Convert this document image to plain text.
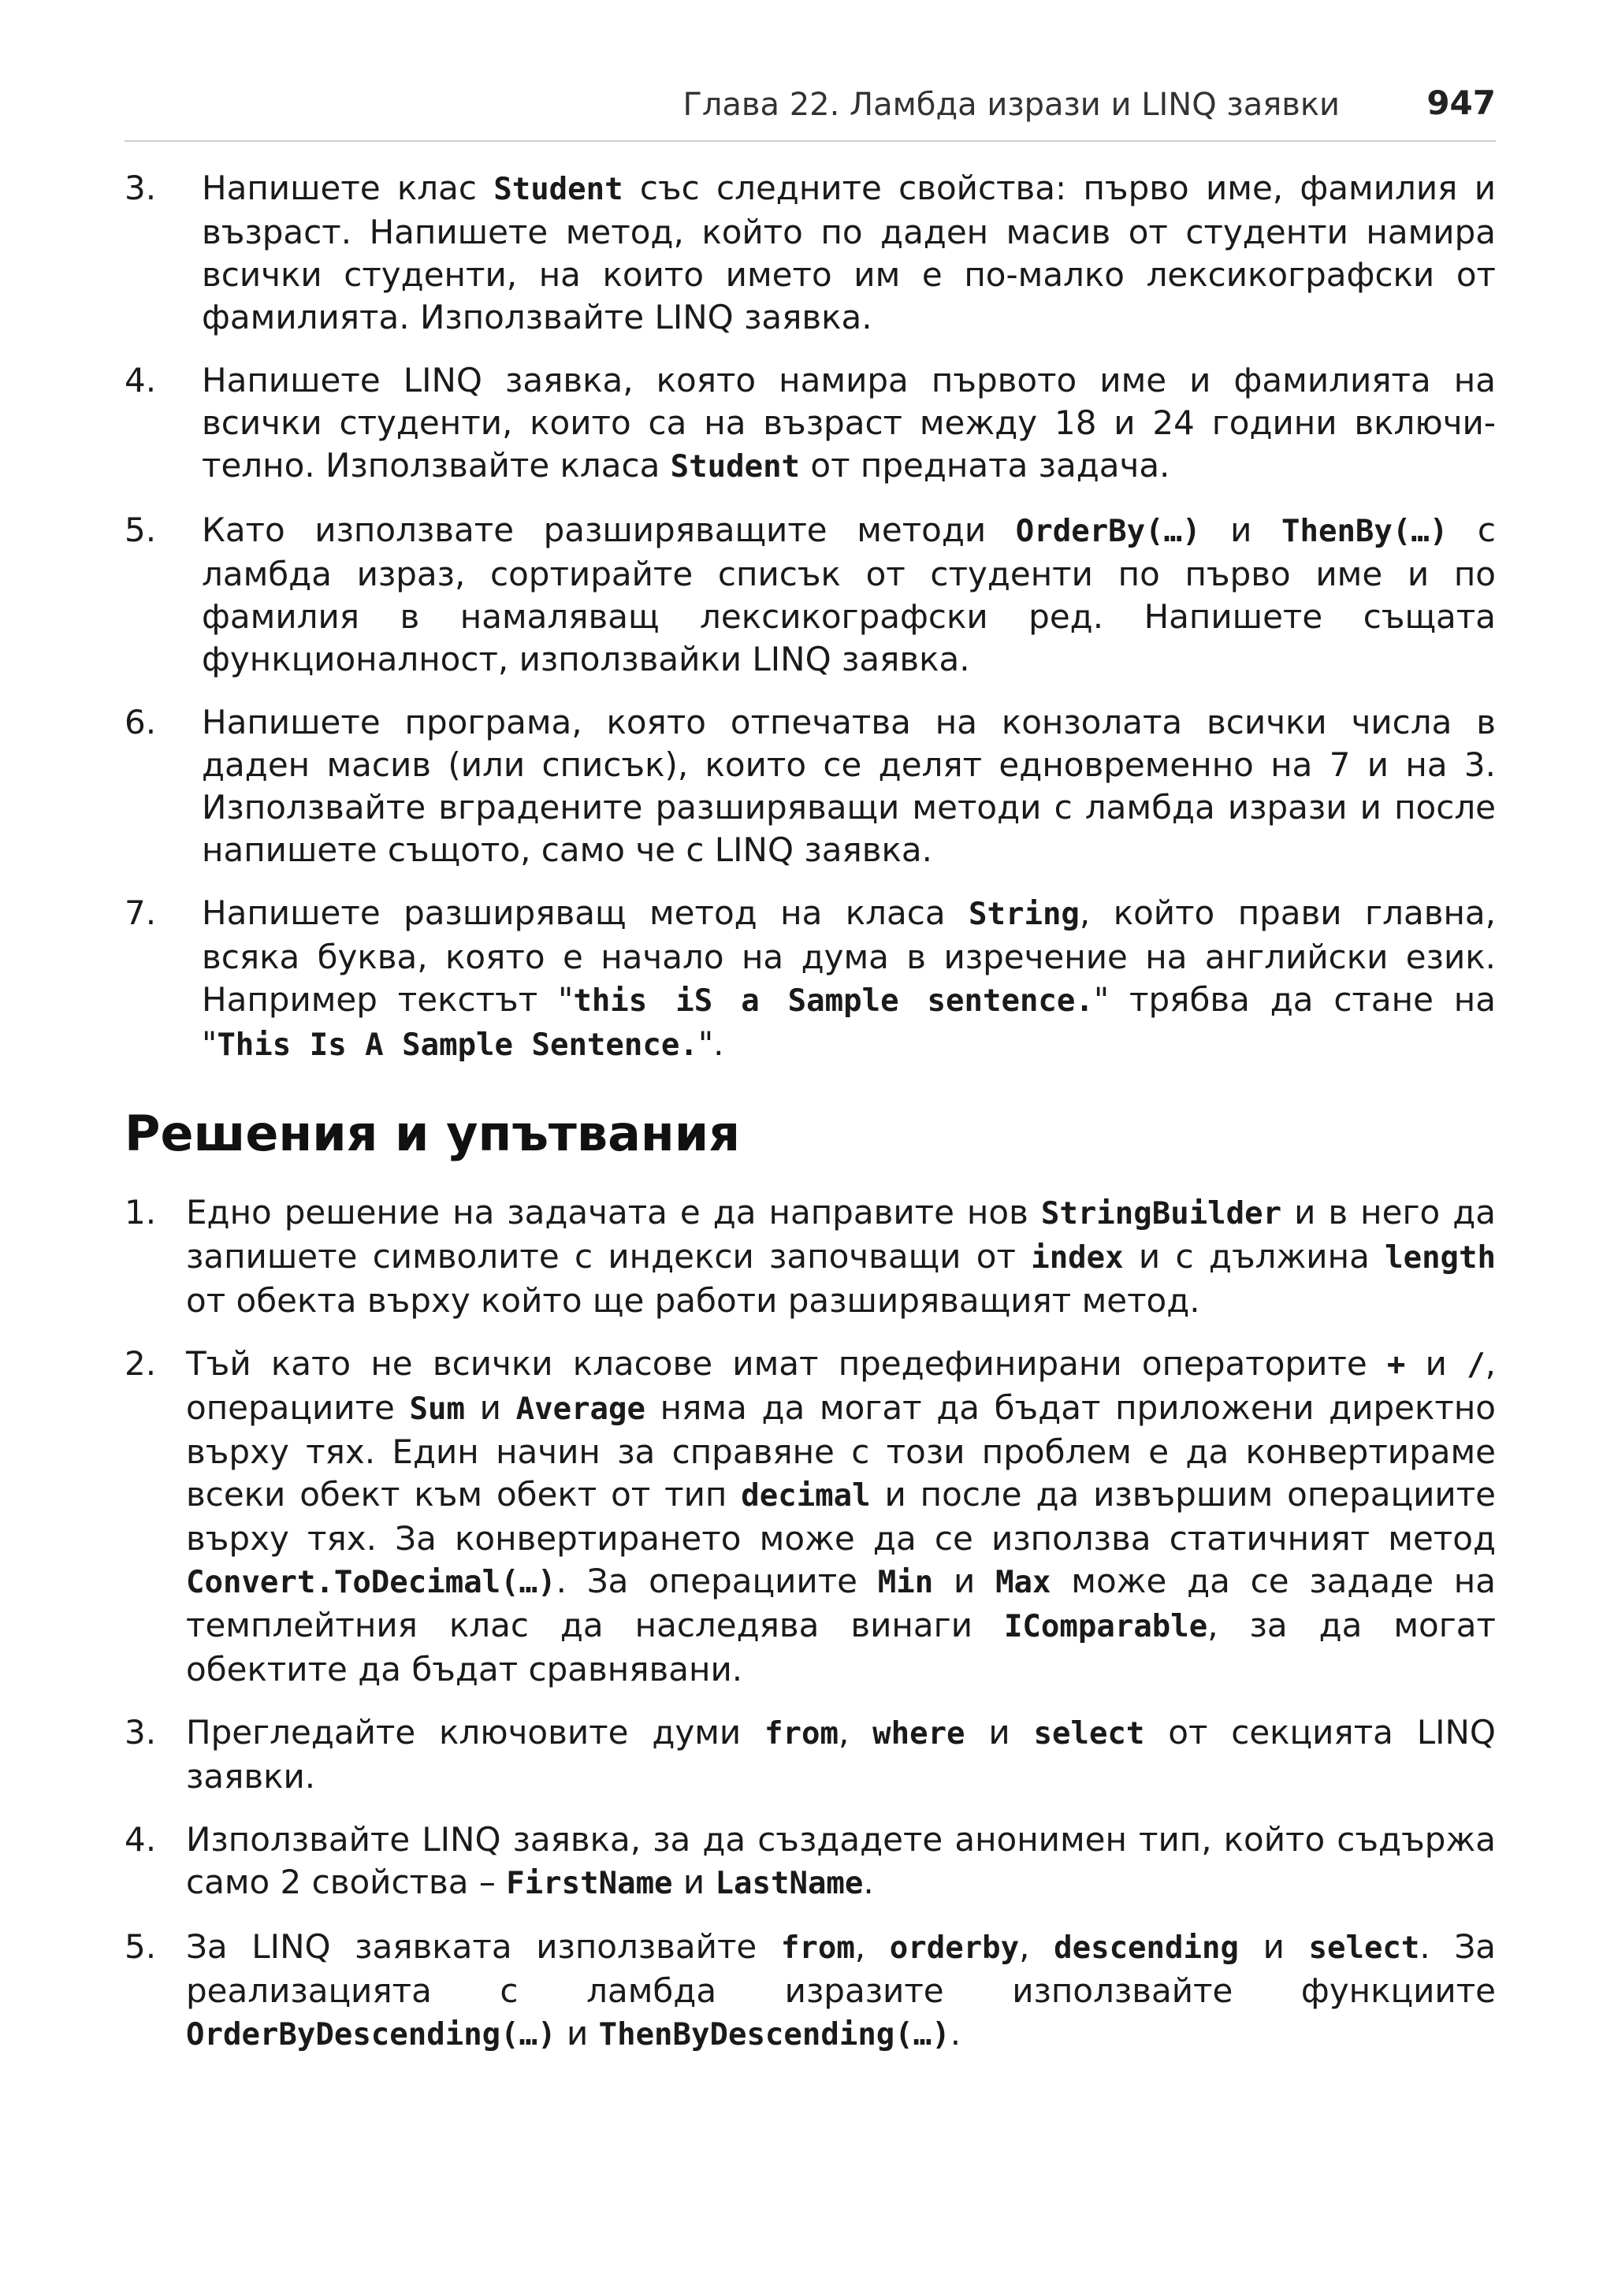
Глава 22. Ламбда изрази и LINQ заявки	947
3. Напишете клас Student със следните свойства: първо име, фамилия и възраст. Напишете метод, който по даден масив от студенти намира всички студенти, на които името им е по-малко лексикографски от фамилията. Използвайте LINQ заявка.
4. Напишете LINQ заявка, която намира първото име и фамилията на всички студенти, които са на възраст между 18 и 24 години включително. Използвайте класа Student от предната задача.
5. Като използвате разширяващите методи OrderBy(…) и ThenBy(…) с ламбда израз, сортирайте списък от студенти по първо име и по фамилия в намаляващ лексикографски ред. Напишете същата функционалност, използвайки LINQ заявка.
6. Напишете програма, която отпечатва на конзолата всички числа в даден масив (или списък), които се делят едновременно на 7 и на 3. Използвайте вградените разширяващи методи с ламбда изрази и после напишете същото, само че с LINQ заявка.
7. Напишете разширяващ метод на класа String, който прави главна, всяка буква, която е начало на дума в изречение на английски език. Например текстът "this iS a Sample sentence." трябва да стане на "This Is A Sample Sentence.".
Решения и упътвания
1. Едно решение на задачата е да направите нов StringBuilder и в него да запишете символите с индекси започващи от index и с дължина length от обекта върху който ще работи разширяващият метод.
2. Тъй като не всички класове имат предефинирани операторите + и /, операциите Sum и Average няма да могат да бъдат приложени директно върху тях. Един начин за справяне с този проблем е да конвертираме всеки обект към обект от тип decimal и после да извършим операциите върху тях. За конвертирането може да се използва статичният метод Convert.ToDecimal(…). За операциите Min и Max може да се зададе на темплейтния клас да наследява винаги IComparable, за да могат обектите да бъдат сравнявани.
3. Прегледайте ключовите думи from, where и select от секцията LINQ заявки.
4. Използвайте LINQ заявка, за да създадете анонимен тип, който съдържа само 2 свойства – FirstName и LastName.
5. За LINQ заявката използвайте from, orderby, descending и select. За реализацията с ламбда изразите използвайте функциите OrderByDescending(…) и ThenByDescending(…).
